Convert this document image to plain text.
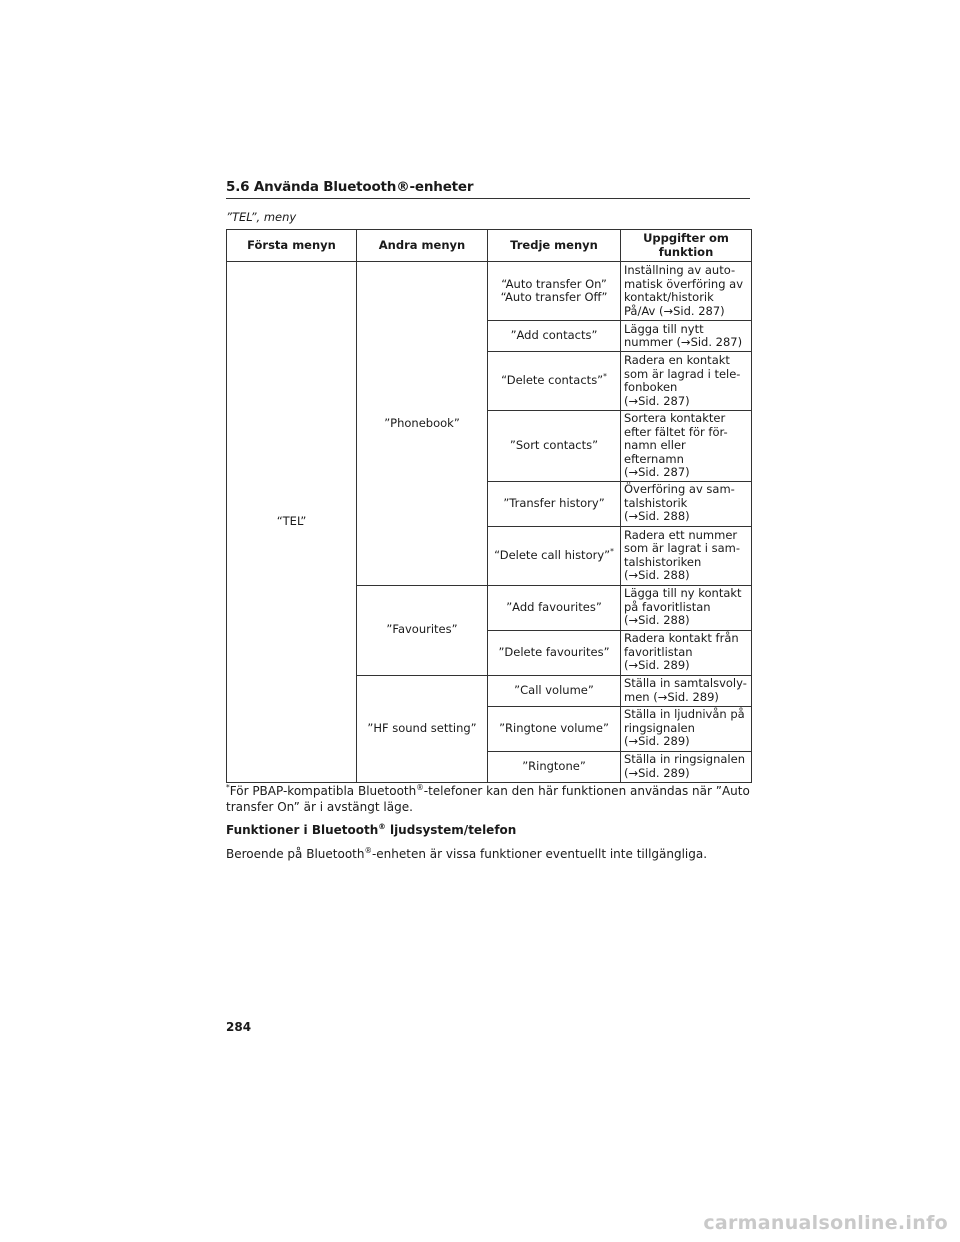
5.6 Använda Bluetooth®-enheter
”TEL”, meny
Första menyn	Andra menyn	Tredje menyn	Uppgifter om funktion
“TEL”	”Phonebook”	“Auto transfer On”
“Auto transfer Off”	Inställning av auto-
matisk överföring av
kontakt/historik
På/Av (→Sid. 287)
		”Add contacts”	Lägga till nytt
nummer (→Sid. 287)
		“Delete contacts”*	Radera en kontakt
som är lagrad i tele-
fonboken
(→Sid. 287)
		”Sort contacts”	Sortera kontakter
efter fältet för för-
namn eller efternamn
(→Sid. 287)
		”Transfer history”	Överföring av sam-
talshistorik
(→Sid. 288)
		“Delete call history”*	Radera ett nummer
som är lagrat i sam-
talshistoriken
(→Sid. 288)
	”Favourites”	”Add favourites”	Lägga till ny kontakt
på favoritlistan
(→Sid. 288)
		”Delete favourites”	Radera kontakt från
favoritlistan
(→Sid. 289)
	”HF sound setting”	”Call volume”	Ställa in samtalsvoly-
men (→Sid. 289)
		”Ringtone volume”	Ställa in ljudnivån på
ringsignalen
(→Sid. 289)
		”Ringtone”	Ställa in ringsignalen
(→Sid. 289)
*För PBAP-kompatibla Bluetooth®-telefoner kan den här funktionen användas när ”Auto
transfer On” är i avstängt läge.
Funktioner i Bluetooth® ljudsystem/telefon
Beroende på Bluetooth®-enheten är vissa funktioner eventuellt inte tillgängliga.
284
carmanualsonline.info
